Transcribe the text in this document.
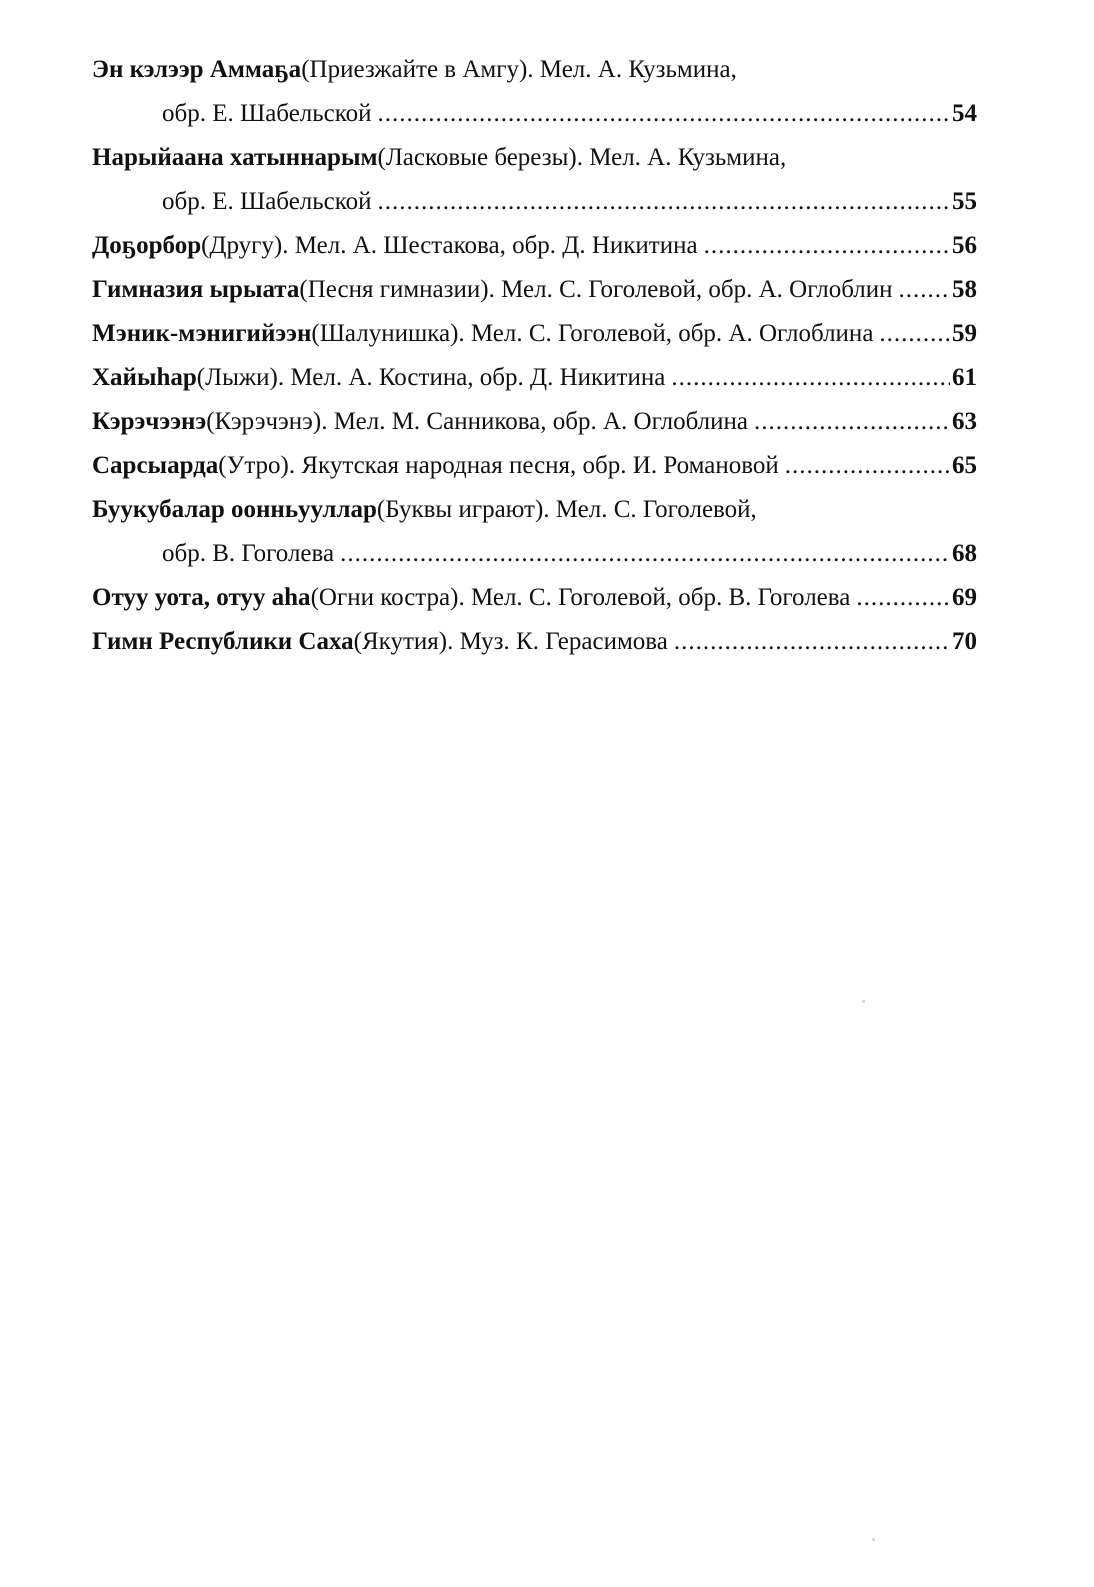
Эн кэлээр Аммаҕа (Приезжайте в Амгу). Мел. А. Кузьмина,
обр. Е. Шабельской .....	54
Нарыйаана хатыннарым (Ласковые березы). Мел. А. Кузьмина,
обр. Е. Шабельской .....	55
Доҕорбор (Другу). Мел. А. Шестакова, обр. Д. Никитина .....	56
Гимназия ырыата (Песня гимназии). Мел. С. Гоголевой, обр. А. Оглоблин ..... 58
Мэник-мэнигийээн (Шалунишка). Мел. С. Гоголевой, обр. А. Оглоблина .....	59
Хайыһар (Лыжи). Мел. А. Костина, обр. Д. Никитина .....	61
Кэрэчээнэ (Кэрэчэнэ). Мел. М. Санникова, обр. А. Оглоблина .....	63
Сарсыарда (Утро). Якутская народная песня, обр. И. Романовой .....	65
Буукубалар оонньууллар (Буквы играют). Мел. С. Гоголевой,
обр. В. Гоголева .....	68
Отуу уота, отуу аһа (Огни костра). Мел. С. Гоголевой, обр. В. Гоголева .....	69
Гимн Республики Саха (Якутия). Муз. К. Герасимова .....	70
